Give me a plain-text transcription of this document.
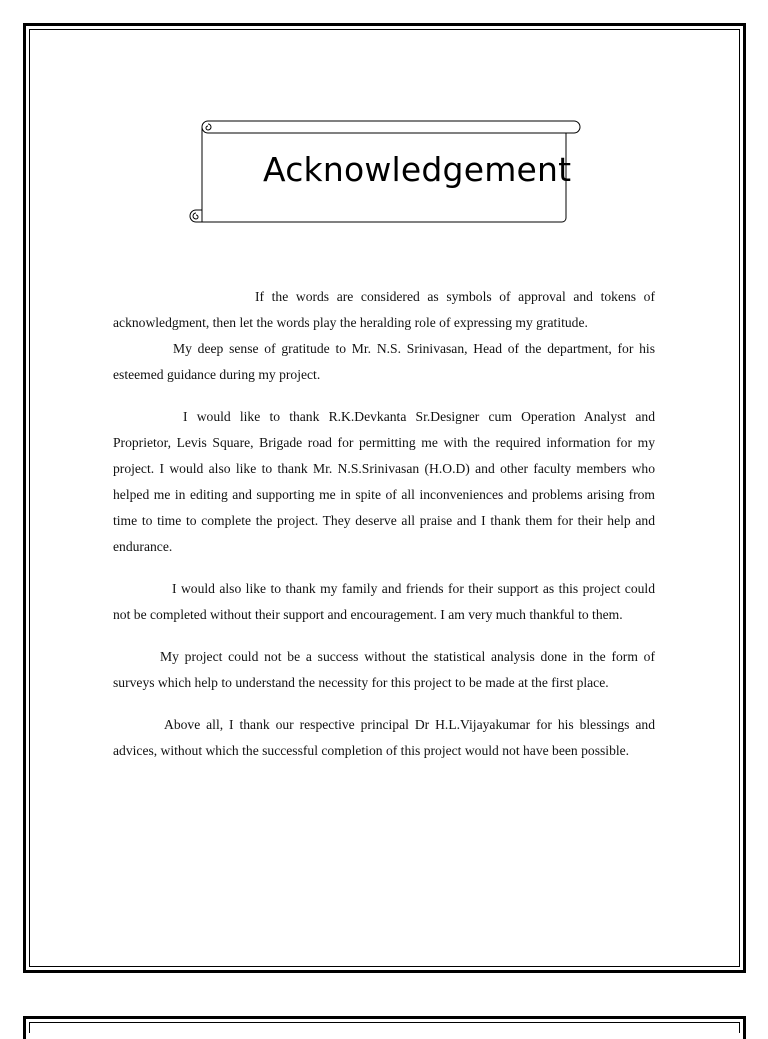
Acknowledgement

If the words are considered as symbols of approval and tokens of acknowledgment, then let the words play the heralding role of expressing my gratitude.

My deep sense of gratitude to Mr. N.S. Srinivasan, Head of the department, for his esteemed guidance during my project.

I would like to thank R.K.Devkanta Sr.Designer cum Operation Analyst and Proprietor, Levis Square, Brigade road for permitting me with the required information for my project. I would also like to thank Mr. N.S.Srinivasan (H.O.D) and other faculty members who helped me in editing and supporting me in spite of all inconveniences and problems arising from time to time to complete the project. They deserve all praise and I thank them for their help and endurance.

I would also like to thank my family and friends for their support as this project could not be completed without their support and encouragement. I am very much thankful to them.

My project could not be a success without the statistical analysis done in the form of surveys which help to understand the necessity for this project to be made at the first place.

Above all, I thank our respective principal Dr H.L.Vijayakumar for his blessings and advices, without which the successful completion of this project would not have been possible.
